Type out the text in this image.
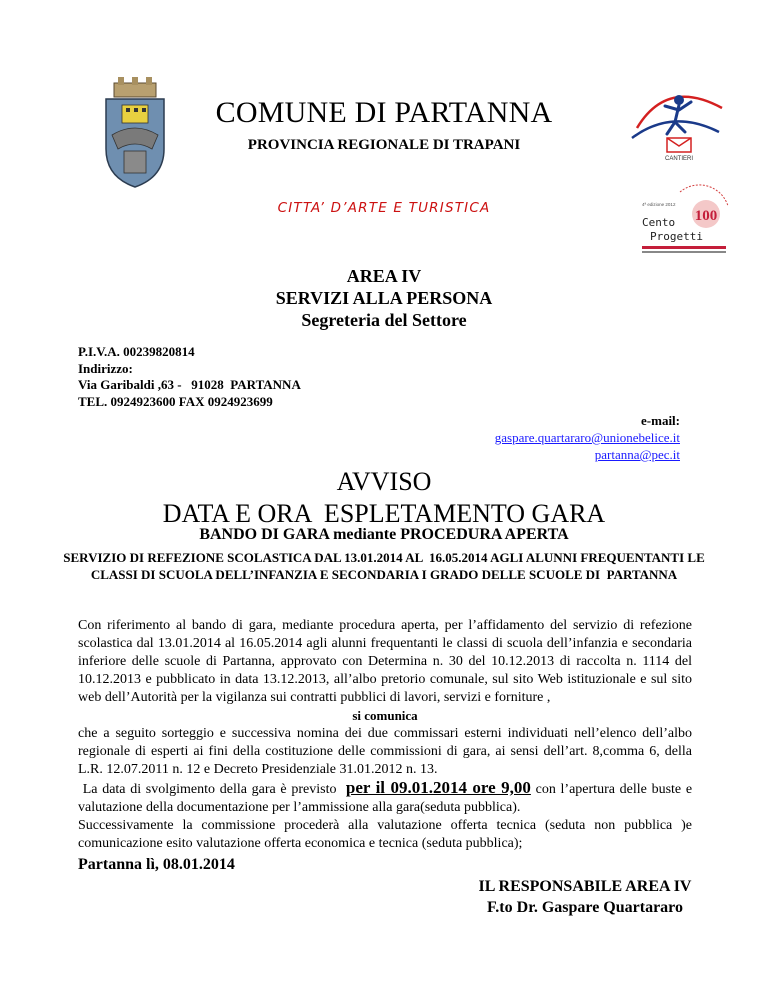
CANTIERI
100
4ª edizione 2012
Cento
Progetti
COMUNE DI PARTANNA
PROVINCIA REGIONALE DI TRAPANI
CITTA’ D’ARTE E TURISTICA
AREA IV
SERVIZI ALLA PERSONA
Segreteria del Settore
P.I.V.A. 00239820814
Indirizzo:
Via Garibaldi ,63 -   91028  PARTANNA
TEL. 0924923600 FAX 0924923699
e-mail:
gaspare.quartararo@unionebelice.it
partanna@pec.it
AVVISO
DATA E ORA  ESPLETAMENTO GARA
BANDO DI GARA mediante PROCEDURA APERTA
SERVIZIO DI REFEZIONE SCOLASTICA DAL 13.01.2014 AL  16.05.2014 AGLI ALUNNI FREQUENTANTI LE CLASSI DI SCUOLA DELL’INFANZIA E SECONDARIA I GRADO DELLE SCUOLE DI  PARTANNA

Con riferimento al bando di gara, mediante procedura aperta, per l’affidamento del servizio di refezione scolastica dal 13.01.2014 al 16.05.2014 agli alunni frequentanti le classi di scuola dell’infanzia e secondaria inferiore delle scuole di Partanna, approvato con Determina n. 30 del 10.12.2013 di raccolta n. 1114 del 10.12.2013 e pubblicato in data 13.12.2013, all’albo pretorio comunale, sul sito Web istituzionale e sul sito web dell’Autorità per la vigilanza sui contratti pubblici di lavori, servizi e forniture ,

si comunica

che a seguito sorteggio e successiva nomina dei due commissari esterni individuati nell’elenco dell’albo regionale di esperti ai fini della costituzione delle commissioni di gara, ai sensi dell’art. 8,comma 6, della L.R. 12.07.2011 n. 12 e Decreto Presidenziale 31.01.2012 n. 13.

La data di svolgimento della gara è previsto  per il 09.01.2014 ore 9,00 con l’apertura delle buste e valutazione della documentazione per l’ammissione alla gara(seduta pubblica).

Successivamente la commissione procederà alla valutazione offerta tecnica (seduta non pubblica )e comunicazione esito valutazione offerta economica e tecnica (seduta pubblica);

Partanna lì, 08.01.2014
IL RESPONSABILE AREA IV
F.to Dr. Gaspare Quartararo
